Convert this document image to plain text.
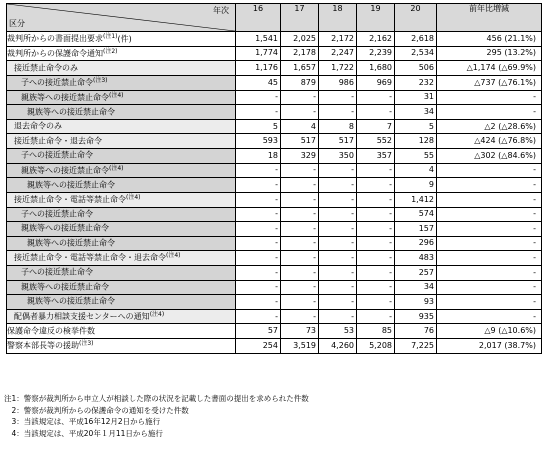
年次
区分	16	17	18	19	20	前年比増減
裁判所からの書面提出要求$^{(注1)}$(件)	1,541	2,025	2,172	2,162	2,618	456 (21.1%)
裁判所からの保護命令通知$^{(注2)}$	1,774	2,178	2,247	2,239	2,534	295 (13.2%)
接近禁止命令のみ	1,176	1,657	1,722	1,680	506	△1,174 (△69.9%)
子への接近禁止命令$^{(注3)}$	45	879	986	969	232	△737 (△76.1%)
親族等への接近禁止命令$^{(注4)}$	-	-	-	-	31	-
親族等への接近禁止命令	-	-	-	-	34	-
退去命令のみ	5	4	8	7	5	△2 (△28.6%)
接近禁止命令・退去命令	593	517	517	552	128	△424 (△76.8%)
子への接近禁止命令	18	329	350	357	55	△302 (△84.6%)
親族等への接近禁止命令$^{(注4)}$	-	-	-	-	4	-
親族等への接近禁止命令	-	-	-	-	9	-
接近禁止命令・電話等禁止命令$^{(注4)}$	-	-	-	-	1,412	-
子への接近禁止命令	-	-	-	-	574	-
親族等への接近禁止命令	-	-	-	-	157	-
親族等への接近禁止命令	-	-	-	-	296	-
接近禁止命令・電話等禁止命令・退去命令$^{(注4)}$	-	-	-	-	483	-
子への接近禁止命令	-	-	-	-	257	-
親族等への接近禁止命令	-	-	-	-	34	-
親族等への接近禁止命令	-	-	-	-	93	-
配偶者暴力相談支援センターへの通知$^{(注4)}$	-	-	-	-	935	-
保護命令違反の検挙件数	57	73	53	85	76	△9 (△10.6%)
警察本部長等の援助$^{(注3)}$	254	3,519	4,260	5,208	7,225	2,017 (38.7%)
注1：警察が裁判所から申立人が相談した際の状況を記載した書面の提出を求められた件数
　2：警察が裁判所からの保護命令の通知を受けた件数
　3：当該規定は、平成16年12月2日から施行
　4：当該規定は、平成20年１月11日から施行
